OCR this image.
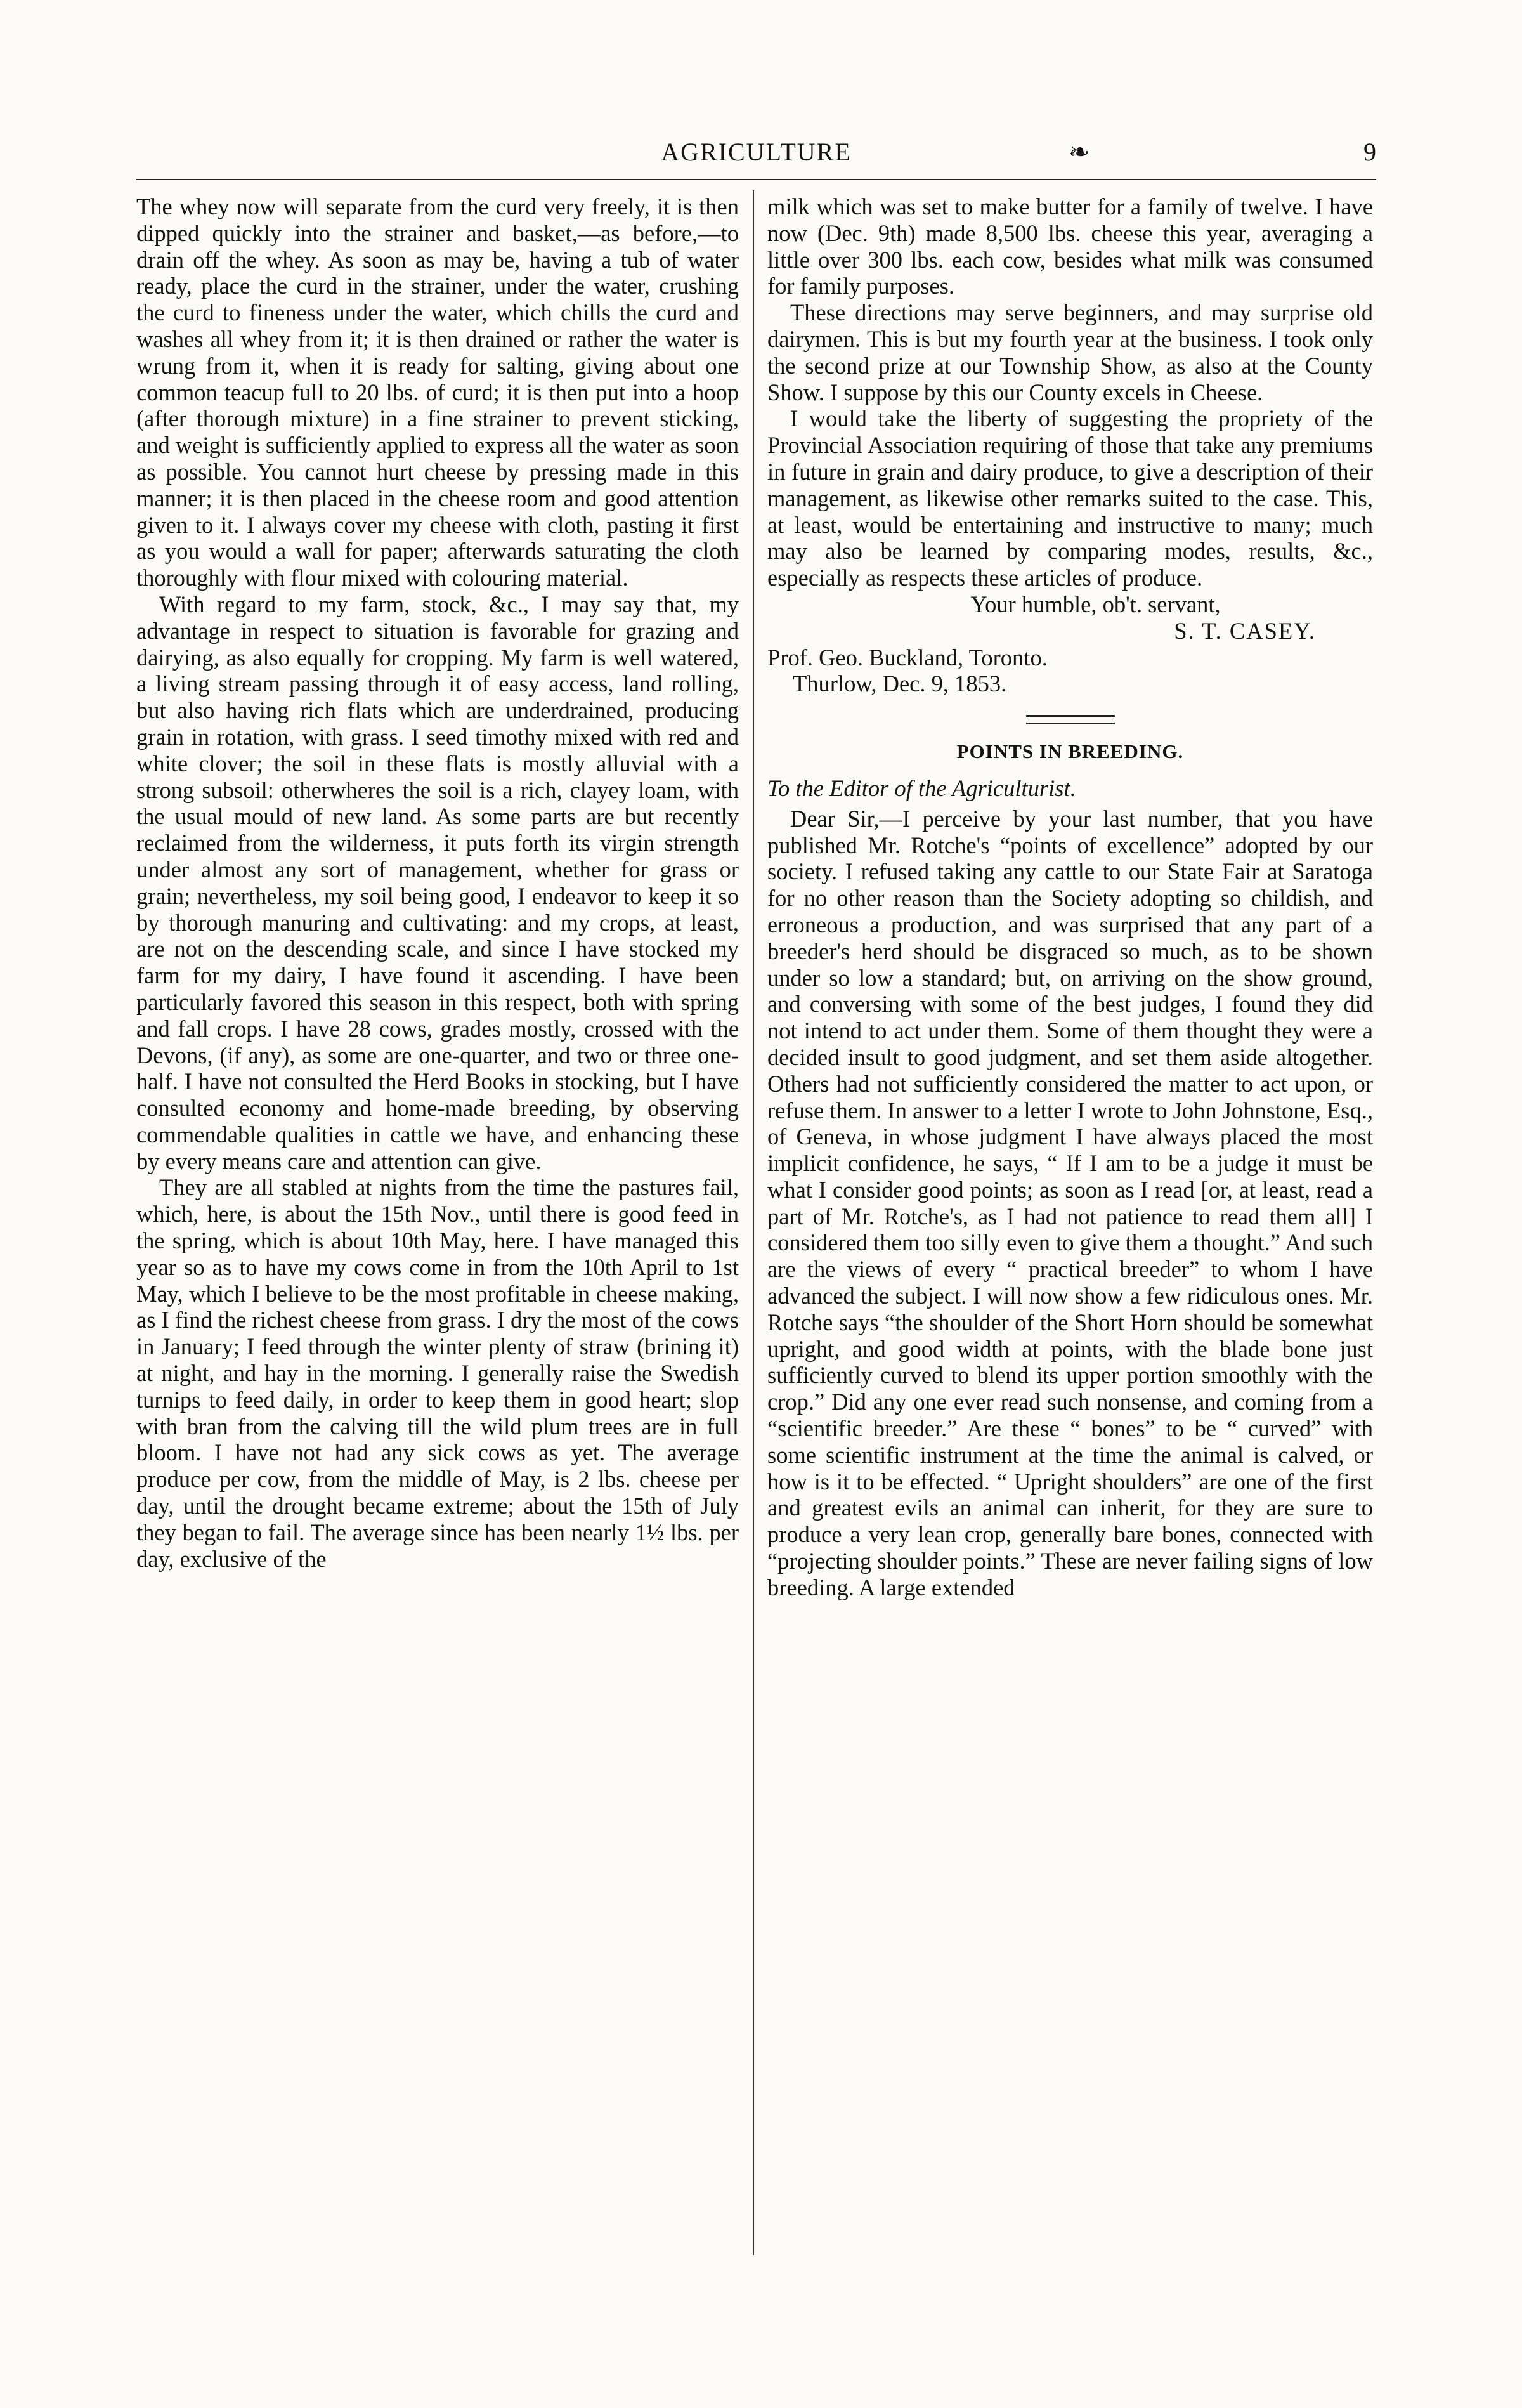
AGRICULTURE	❧	9

The whey now will separate from the curd very freely, it is then dipped quickly into the strainer and basket,—as before,—to drain off the whey. As soon as may be, having a tub of water ready, place the curd in the strainer, under the water, crushing the curd to fineness under the water, which chills the curd and washes all whey from it; it is then drained or rather the water is wrung from it, when it is ready for salting, giving about one common teacup full to 20 lbs. of curd; it is then put into a hoop (after thorough mixture) in a fine strainer to prevent sticking, and weight is sufficiently applied to express all the water as soon as possible. You cannot hurt cheese by pressing made in this manner; it is then placed in the cheese room and good attention given to it. I always cover my cheese with cloth, pasting it first as you would a wall for paper; afterwards saturating the cloth thoroughly with flour mixed with colouring material.

With regard to my farm, stock, &c., I may say that, my advantage in respect to situation is favorable for grazing and dairying, as also equally for cropping. My farm is well watered, a living stream passing through it of easy access, land rolling, but also having rich flats which are underdrained, producing grain in rotation, with grass. I seed timothy mixed with red and white clover; the soil in these flats is mostly alluvial with a strong subsoil: otherwheres the soil is a rich, clayey loam, with the usual mould of new land. As some parts are but recently reclaimed from the wilderness, it puts forth its virgin strength under almost any sort of management, whether for grass or grain; nevertheless, my soil being good, I endeavor to keep it so by thorough manuring and cultivating: and my crops, at least, are not on the descending scale, and since I have stocked my farm for my dairy, I have found it ascending. I have been particularly favored this season in this respect, both with spring and fall crops. I have 28 cows, grades mostly, crossed with the Devons, (if any), as some are one-quarter, and two or three one-half. I have not consulted the Herd Books in stocking, but I have consulted economy and home-made breeding, by observing commendable qualities in cattle we have, and enhancing these by every means care and attention can give.

They are all stabled at nights from the time the pastures fail, which, here, is about the 15th Nov., until there is good feed in the spring, which is about 10th May, here. I have managed this year so as to have my cows come in from the 10th April to 1st May, which I believe to be the most profitable in cheese making, as I find the richest cheese from grass. I dry the most of the cows in January; I feed through the winter plenty of straw (brining it) at night, and hay in the morning. I generally raise the Swedish turnips to feed daily, in order to keep them in good heart; slop with bran from the calving till the wild plum trees are in full bloom. I have not had any sick cows as yet. The average produce per cow, from the middle of May, is 2 lbs. cheese per day, until the drought became extreme; about the 15th of July they began to fail. The average since has been nearly 1½ lbs. per day, exclusive of the

milk which was set to make butter for a family of twelve. I have now (Dec. 9th) made 8,500 lbs. cheese this year, averaging a little over 300 lbs. each cow, besides what milk was consumed for family purposes.

These directions may serve beginners, and may surprise old dairymen. This is but my fourth year at the business. I took only the second prize at our Township Show, as also at the County Show. I suppose by this our County excels in Cheese.

I would take the liberty of suggesting the propriety of the Provincial Association requiring of those that take any premiums in future in grain and dairy produce, to give a description of their management, as likewise other remarks suited to the case. This, at least, would be entertaining and instructive to many; much may also be learned by comparing modes, results, &c., especially as respects these articles of produce.

Your humble, ob't. servant,

S. T. CASEY.

Prof. Geo. Buckland, Toronto.

Thurlow, Dec. 9, 1853.

POINTS IN BREEDING.

To the Editor of the Agriculturist.

Dear Sir,—I perceive by your last number, that you have published Mr. Rotche's “points of excellence” adopted by our society. I refused taking any cattle to our State Fair at Saratoga for no other reason than the Society adopting so childish, and erroneous a production, and was surprised that any part of a breeder's herd should be disgraced so much, as to be shown under so low a standard; but, on arriving on the show ground, and conversing with some of the best judges, I found they did not intend to act under them. Some of them thought they were a decided insult to good judgment, and set them aside altogether. Others had not sufficiently considered the matter to act upon, or refuse them. In answer to a letter I wrote to John Johnstone, Esq., of Geneva, in whose judgment I have always placed the most implicit confidence, he says, “ If I am to be a judge it must be what I consider good points; as soon as I read [or, at least, read a part of Mr. Rotche's, as I had not patience to read them all] I considered them too silly even to give them a thought.” And such are the views of every “ practical breeder” to whom I have advanced the subject. I will now show a few ridiculous ones. Mr. Rotche says “the shoulder of the Short Horn should be somewhat upright, and good width at points, with the blade bone just sufficiently curved to blend its upper portion smoothly with the crop.” Did any one ever read such nonsense, and coming from a “scientific breeder.” Are these “ bones” to be “ curved” with some scientific instrument at the time the animal is calved, or how is it to be effected. “ Upright shoulders” are one of the first and greatest evils an animal can inherit, for they are sure to produce a very lean crop, generally bare bones, connected with “projecting shoulder points.” These are never failing signs of low breeding. A large extended
